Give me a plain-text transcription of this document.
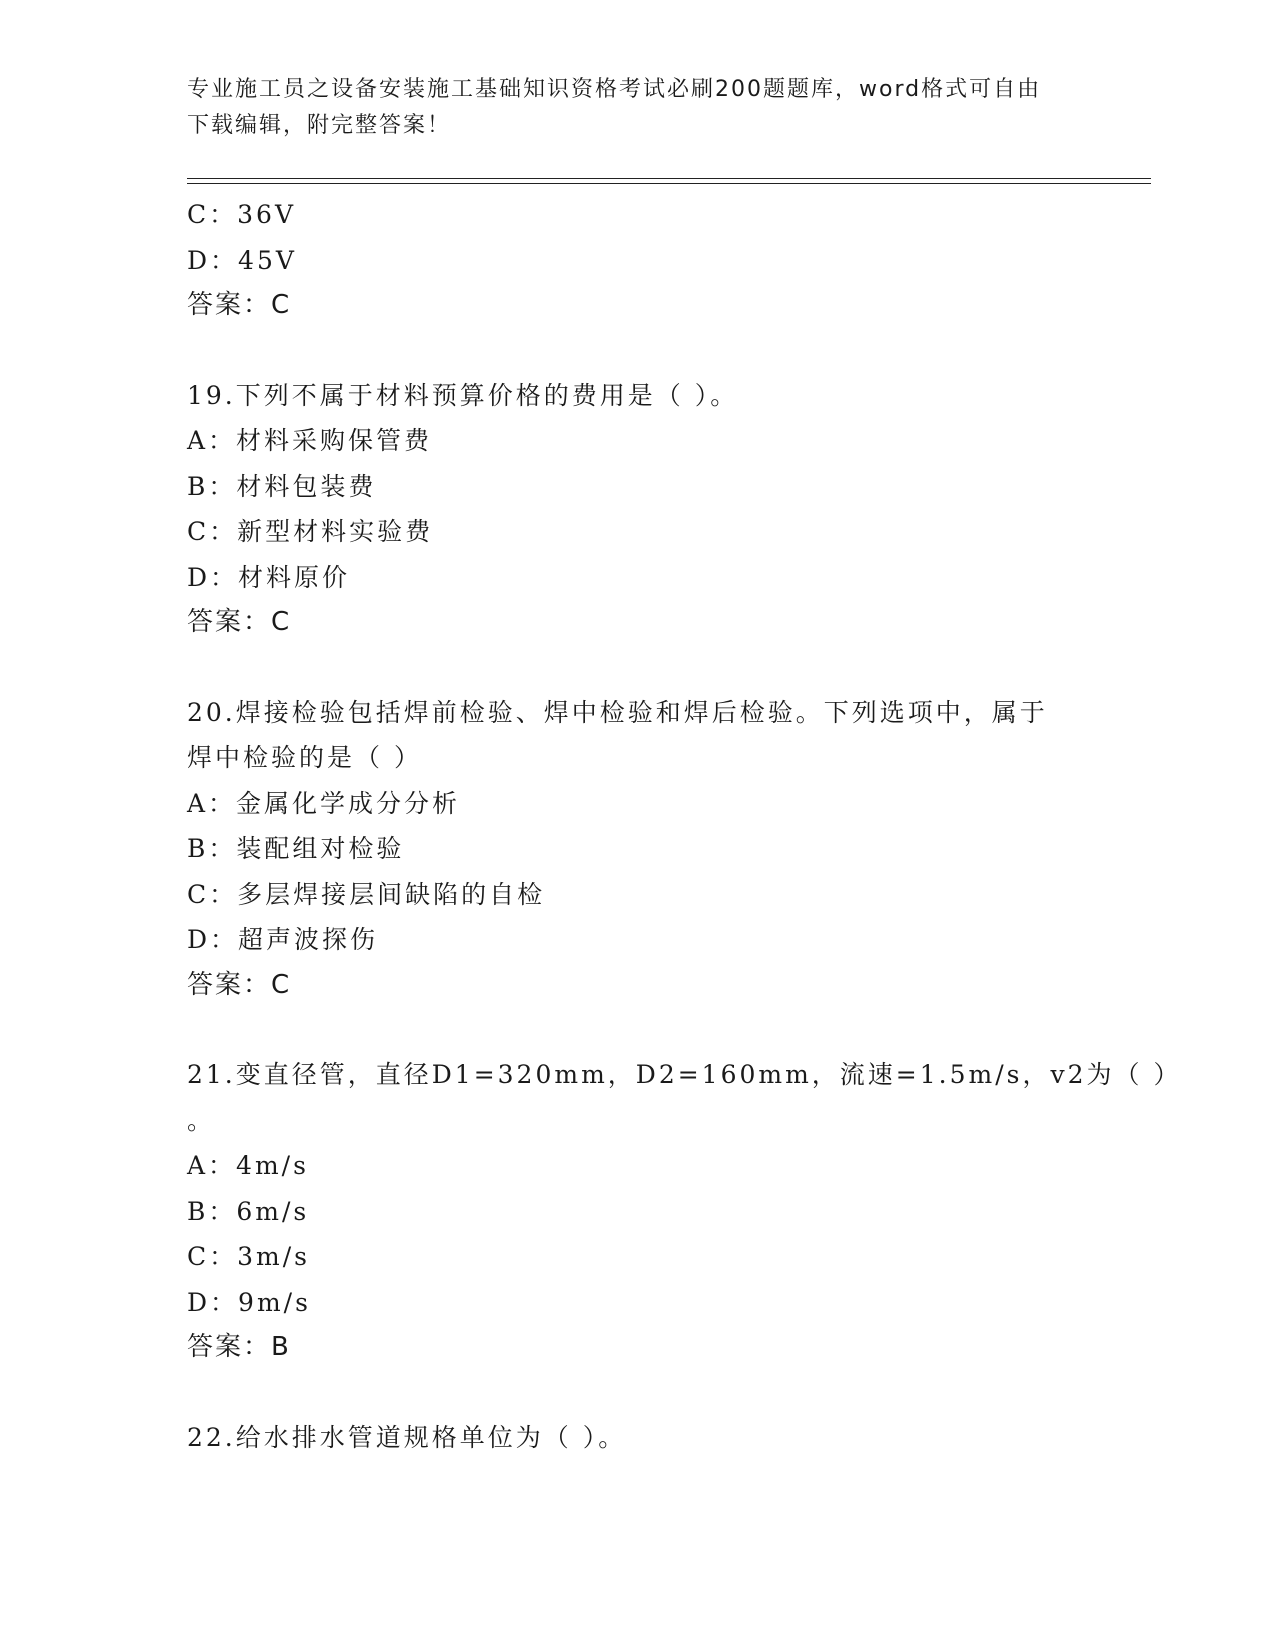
专业施工员之设备安装施工基础知识资格考试必刷200题题库，word格式可自由
下载编辑，附完整答案！
C：36V
D：45V
答案：C
19.下列不属于材料预算价格的费用是（ ）。
A：材料采购保管费
B：材料包装费
C：新型材料实验费
D：材料原价
答案：C
20.焊接检验包括焊前检验、焊中检验和焊后检验。下列选项中，属于
焊中检验的是（ ）
A：金属化学成分分析
B：装配组对检验
C：多层焊接层间缺陷的自检
D：超声波探伤
答案：C
21.变直径管，直径D1=320mm，D2=160mm，流速=1.5m/s，v2为（ ）
。
A：4m/s
B：6m/s
C：3m/s
D：9m/s
答案：B
22.给水排水管道规格单位为（ ）。
